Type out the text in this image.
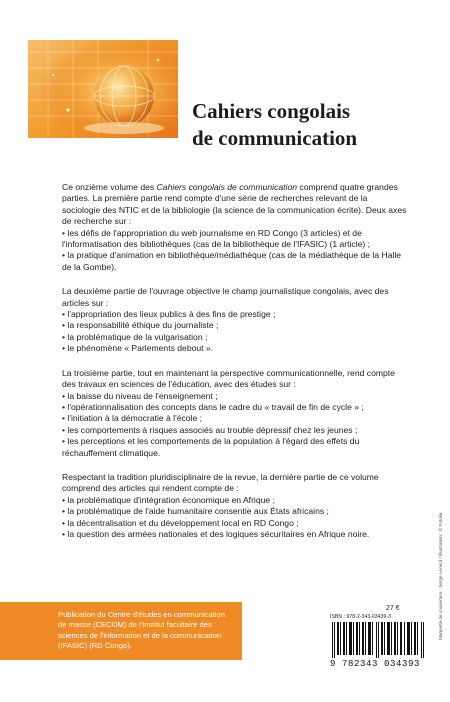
Cahiers congolais
de communication
Ce onzième volume des Cahiers congolais de communication comprend quatre grandes parties. La première partie rend compte d'une série de recherches relevant de la sociologie des NTIC et de la bibliologie (la science de la communication écrite). Deux axes de recherche sur :
• les défis de l'appropriation du web journalisme en RD Congo (3 articles) et de l'informatisation des bibliothèques (cas de la bibliothèque de l'IFASIC) (1 article) ;
• la pratique d'animation en bibliothèque/médiathèque (cas de la médiathèque de la Halle de la Gombe).
La deuxième partie de l'ouvrage objective le champ journalistique congolais, avec des articles sur :
• l'appropriation des lieux publics à des fins de prestige ;
• la responsabilité éthique du journaliste ;
• la problématique de la vulgarisation ;
• le phénomène « Parlements debout ».
La troisième partie, tout en maintenant la perspective communicationnelle, rend compte des travaux en sciences de l'éducation, avec des études sur :
• la baisse du niveau de l'enseignement ;
• l'opérationnalisation des concepts dans le cadre du « travail de fin de cycle » ;
• l'initiation à la démocratie à l'école ;
• les comportements à risques associés au trouble dépressif chez les jeunes ;
• les perceptions et les comportements de la population à l'égard des effets du réchauffement climatique.
Respectant la tradition pluridisciplinaire de la revue, la dernière partie de ce volume comprend des articles qui rendent compte de :
• la problématique d'intégration économique en Afrique ;
• la problématique de l'aide humanitaire consentie aux États africains ;
• la décentralisation et du développement local en RD Congo ;
• la question des armées nationales et des logiques sécuritaires en Afrique noire.	Maquette de couverture : Serge Lenerd / Illustration : © Fotolia
Publication du Centre d'études en communication de masse (CECOM) de l'Institut facultaire des sciences de l'information et de la communication (IFASIC) (RD Congo).
27 €
ISBN : 978-2-343-03439-3
9 782343 034393
